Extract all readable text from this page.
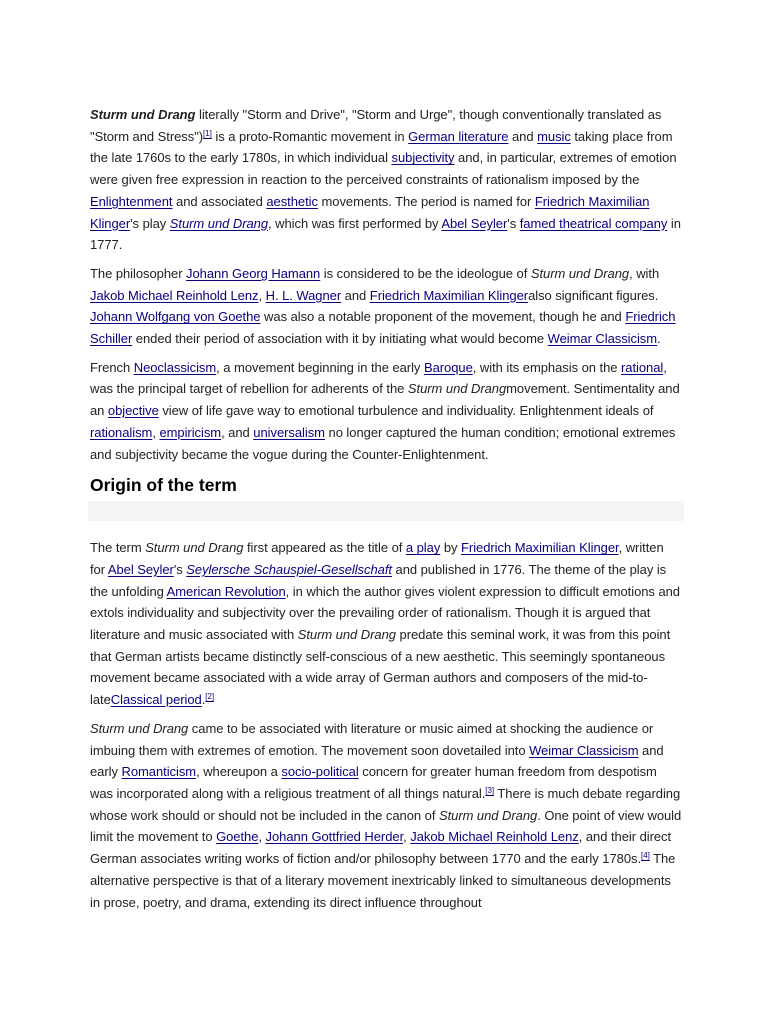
Sturm und Drang literally "Storm and Drive", "Storm and Urge", though conventionally translated as "Storm and Stress")[1] is a proto-Romantic movement in German literature and music taking place from the late 1760s to the early 1780s, in which individual subjectivity and, in particular, extremes of emotion were given free expression in reaction to the perceived constraints of rationalism imposed by the Enlightenment and associated aesthetic movements. The period is named for Friedrich Maximilian Klinger's play Sturm und Drang, which was first performed by Abel Seyler's famed theatrical company in 1777.

The philosopher Johann Georg Hamann is considered to be the ideologue of Sturm und Drang, with Jakob Michael Reinhold Lenz, H. L. Wagner and Friedrich Maximilian Klingeralso significant figures. Johann Wolfgang von Goethe was also a notable proponent of the movement, though he and Friedrich Schiller ended their period of association with it by initiating what would become Weimar Classicism.

French Neoclassicism, a movement beginning in the early Baroque, with its emphasis on the rational, was the principal target of rebellion for adherents of the Sturm und Drangmovement. Sentimentality and an objective view of life gave way to emotional turbulence and individuality. Enlightenment ideals of rationalism, empiricism, and universalism no longer captured the human condition; emotional extremes and subjectivity became the vogue during the Counter-Enlightenment.

Origin of the term

The term Sturm und Drang first appeared as the title of a play by Friedrich Maximilian Klinger, written for Abel Seyler's Seylersche Schauspiel-Gesellschaft and published in 1776. The theme of the play is the unfolding American Revolution, in which the author gives violent expression to difficult emotions and extols individuality and subjectivity over the prevailing order of rationalism. Though it is argued that literature and music associated with Sturm und Drang predate this seminal work, it was from this point that German artists became distinctly self-conscious of a new aesthetic. This seemingly spontaneous movement became associated with a wide array of German authors and composers of the mid-to-lateClassical period.[2]

Sturm und Drang came to be associated with literature or music aimed at shocking the audience or imbuing them with extremes of emotion. The movement soon dovetailed into Weimar Classicism and early Romanticism, whereupon a socio-political concern for greater human freedom from despotism was incorporated along with a religious treatment of all things natural.[3] There is much debate regarding whose work should or should not be included in the canon of Sturm und Drang. One point of view would limit the movement to Goethe, Johann Gottfried Herder, Jakob Michael Reinhold Lenz, and their direct German associates writing works of fiction and/or philosophy between 1770 and the early 1780s.[4] The alternative perspective is that of a literary movement inextricably linked to simultaneous developments in prose, poetry, and drama, extending its direct influence throughout
